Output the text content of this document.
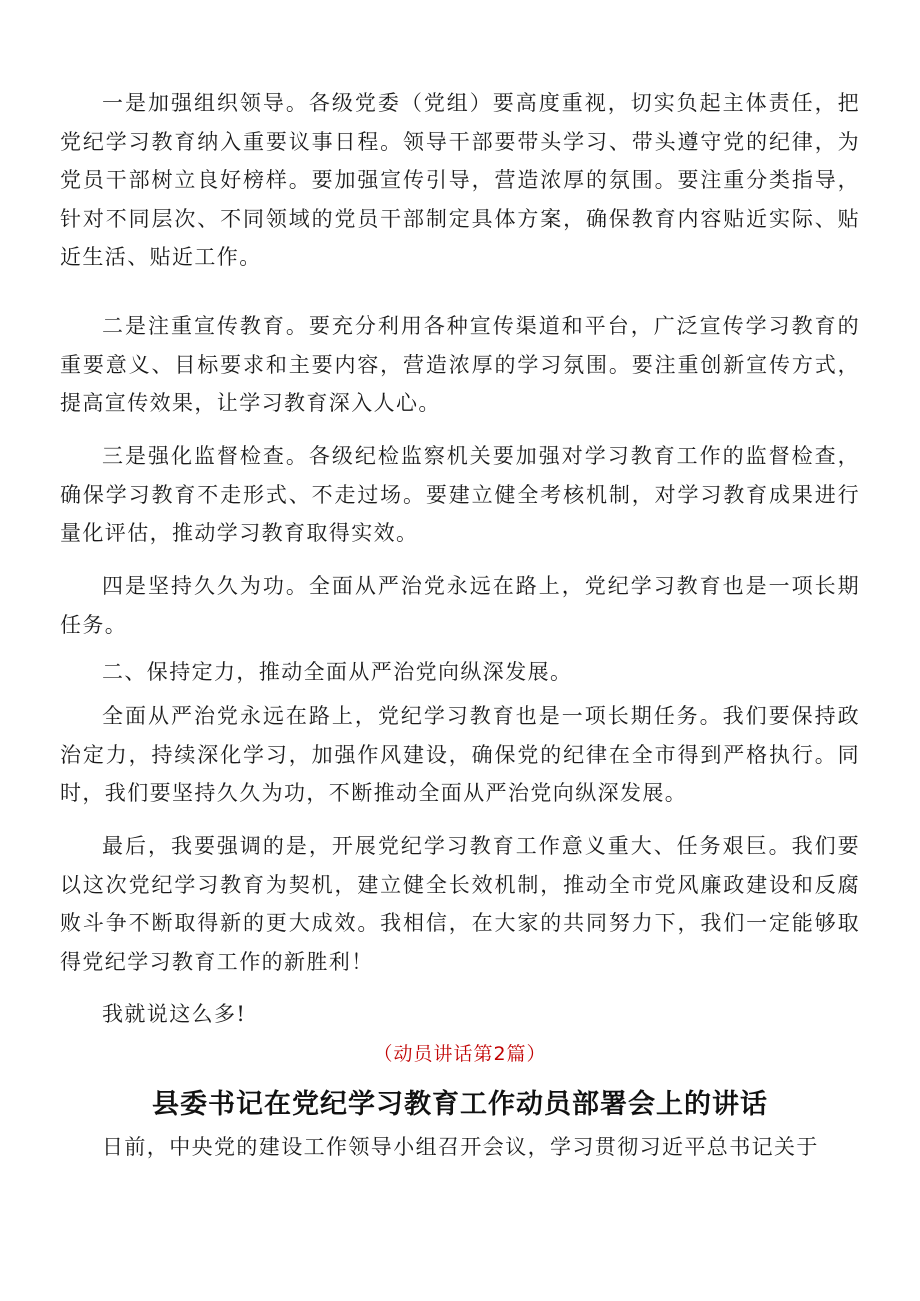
一是加强组织领导。各级党委（党组）要高度重视，切实负起主体责任，把党纪学习教育纳入重要议事日程。领导干部要带头学习、带头遵守党的纪律，为党员干部树立良好榜样。要加强宣传引导，营造浓厚的氛围。要注重分类指导，针对不同层次、不同领域的党员干部制定具体方案，确保教育内容贴近实际、贴近生活、贴近工作。

二是注重宣传教育。要充分利用各种宣传渠道和平台，广泛宣传学习教育的重要意义、目标要求和主要内容，营造浓厚的学习氛围。要注重创新宣传方式，提高宣传效果，让学习教育深入人心。

三是强化监督检查。各级纪检监察机关要加强对学习教育工作的监督检查，确保学习教育不走形式、不走过场。要建立健全考核机制，对学习教育成果进行量化评估，推动学习教育取得实效。

四是坚持久久为功。全面从严治党永远在路上，党纪学习教育也是一项长期任务。

二、保持定力，推动全面从严治党向纵深发展。

全面从严治党永远在路上，党纪学习教育也是一项长期任务。我们要保持政治定力，持续深化学习，加强作风建设，确保党的纪律在全市得到严格执行。同时，我们要坚持久久为功，不断推动全面从严治党向纵深发展。

最后，我要强调的是，开展党纪学习教育工作意义重大、任务艰巨。我们要以这次党纪学习教育为契机，建立健全长效机制，推动全市党风廉政建设和反腐败斗争不断取得新的更大成效。我相信，在大家的共同努力下，我们一定能够取得党纪学习教育工作的新胜利！

我就说这么多!

（动员讲话第2篇）
县委书记在党纪学习教育工作动员部署会上的讲话

日前，中央党的建设工作领导小组召开会议，学习贯彻习近平总书记关于
